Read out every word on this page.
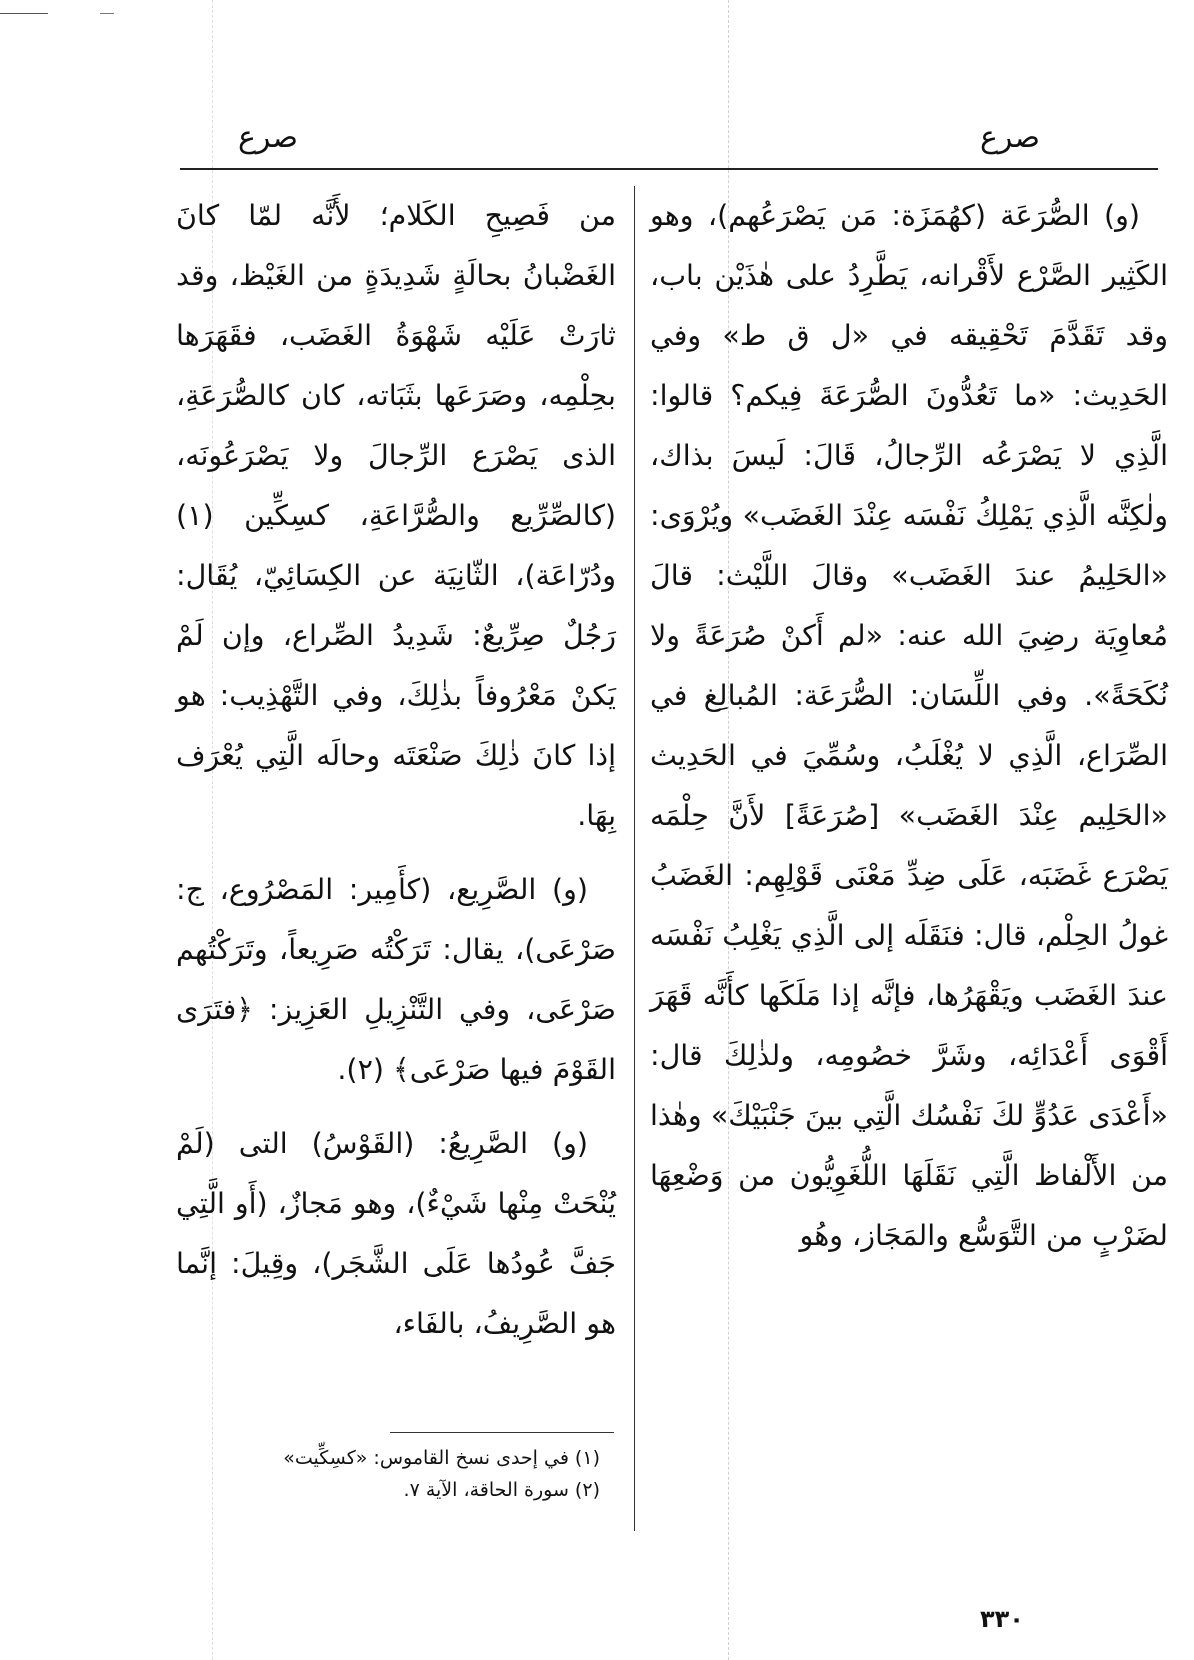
صرع	صرع

(و) الصُّرَعَة (كهُمَزَة: مَن يَصْرَعُهم)، وهو الكَثِير الصَّرْع لأَقْرانه، يَطَّرِدُ على هٰذَيْن باب، وقد تَقَدَّمَ تَحْقِيقه في «ل ق ط» وفي الحَدِيث: «ما تَعُدُّونَ الصُّرَعَةَ فِيكم؟ قالوا: الَّذِي لا يَصْرَعُه الرِّجالُ، قَالَ: لَيسَ بذاك، ولٰكِنَّه الَّذِي يَمْلِكُ نَفْسَه عِنْدَ الغَضَب» ويُرْوَى: «الحَلِيمُ عندَ الغَضَب» وقالَ اللَّيْث: قالَ مُعاوِيَة رضِيَ الله عنه: «لم أَكنْ صُرَعَةً ولا نُكَحَةً». وفي اللِّسَان: الصُّرَعَة: المُبالِغ في الصِّرَاع، الَّذِي لا يُغْلَبُ، وسُمِّيَ في الحَدِيث «الحَلِيم عِنْدَ الغَضَب» [صُرَعَةً] لأَنَّ حِلْمَه يَصْرَع غَضَبَه، عَلَى ضِدِّ مَعْنَى قَوْلِهِم: الغَضَبُ غولُ الحِلْم، قال: فنَقَلَه إلى الَّذِي يَغْلِبُ نَفْسَه عندَ الغَضَب ويَقْهَرُها، فإنَّه إذا مَلَكَها كأَنَّه قَهَرَ أَقْوَى أَعْدَائِه، وشَرَّ خصُومِه، ولذٰلِكَ قال: «أَعْدَى عَدُوٍّ لكَ نَفْسُك الَّتِي بينَ جَنْبَيْكَ» وهٰذا من الأَلْفاظ الَّتِي نَقَلَهَا اللُّغَوِيُّون من وَضْعِهَا لضَرْبٍ من التَّوَسُّع والمَجَاز، وهُو

من فَصِيحِ الكَلام؛ لأَنَّه لمّا كانَ الغَضْبانُ بحالَةٍ شَدِيدَةٍ من الغَيْظ، وقد ثارَتْ عَلَيْه شَهْوَةُ الغَضَب، فقَهَرَها بحِلْمِه، وصَرَعَها بثَبَاته، كان كالصُّرَعَةِ، الذى يَصْرَع الرِّجالَ ولا يَصْرَعُونَه، (كالصِّرِّيع والصُّرَّاعَةِ، كسِكِّين (١) ودُرّاعَة)، الثّانِيَة عن الكِسَائِيّ، يُقَال: رَجُلٌ صِرِّيعٌ: شَدِيدُ الصِّراع، وإن لَمْ يَكنْ مَعْرُوفاً بذٰلِكَ، وفي التَّهْذِيب: هو إذا كانَ ذٰلِكَ صَنْعَتَه وحالَه الَّتِي يُعْرَف بِهَا.

(و) الصَّرِيع، (كأَمِير: المَصْرُوع، ج: صَرْعَى)، يقال: تَرَكْتُه صَرِيعاً، وتَرَكْتُهم صَرْعَى، وفي التَّنْزِيلِ العَزِيز: ﴿فتَرَى القَوْمَ فيها صَرْعَى﴾ (٢).

(و) الصَّرِيعُ: (القَوْسُ) التى (لَمْ يُنْحَتْ مِنْها شَيْءٌ)، وهو مَجازٌ، (أَو الَّتِي جَفَّ عُودُها عَلَى الشَّجَر)، وقِيلَ: إنَّما هو الصَّرِيفُ، بالفَاء،

(١) في إحدى نسخ القاموس: «كسِكِّيت»

(٢) سورة الحاقة، الآية ٧.

٣٣٠
